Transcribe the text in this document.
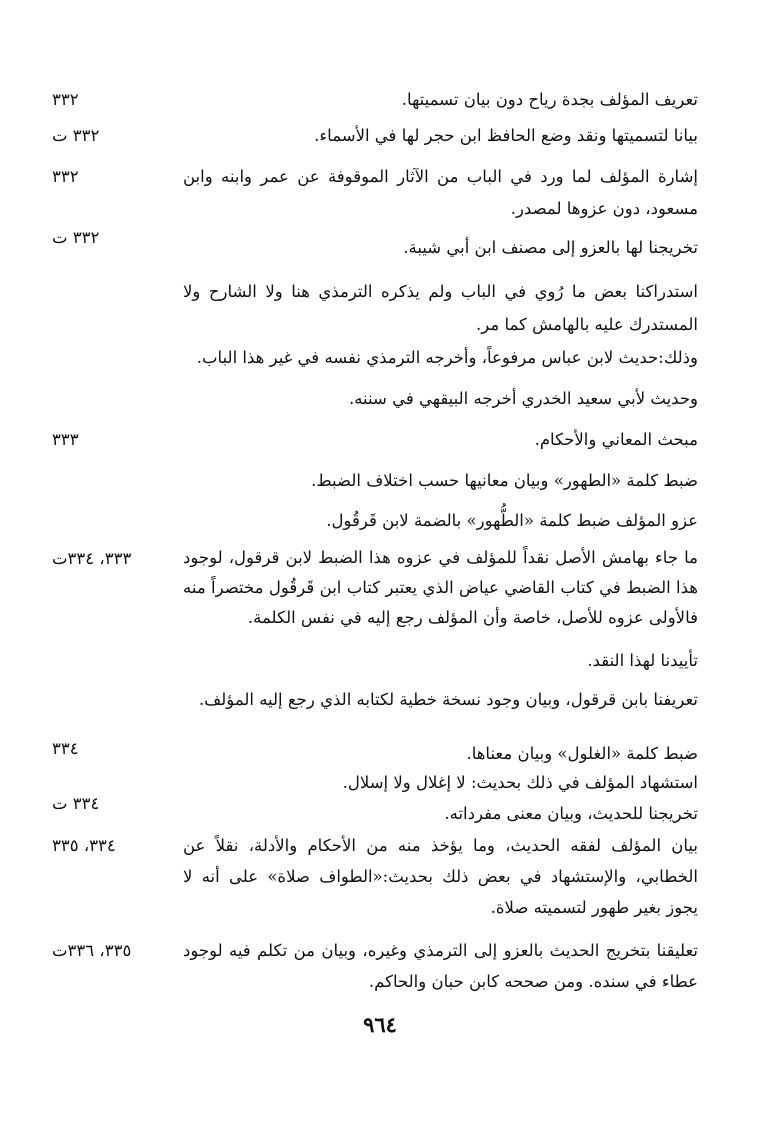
تعريف المؤلف بجدة رياح دون بيان تسميتها.
٣٣٢
بيانا لتسميتها ونقد وضع الحافظ ابن حجر لها في الأسماء.
٣٣٢ ت
إشارة المؤلف لما ورد في الباب من الآثار الموقوفة عن عمر وابنه وابن مسعود، دون عزوها لمصدر.
٣٣٢
تخريجنا لها بالعزو إلى مصنف ابن أبي شيبة.
٣٣٢ ت
استدراكنا بعض ما رُوي في الباب ولم يذكره الترمذي هنا ولا الشارح ولا المستدرك عليه بالهامش كما مر.
وذلك:حديث لابن عباس مرفوعاً، وأخرجه الترمذي نفسه في غير هذا الباب.
وحديث لأبي سعيد الخدري أخرجه البيقهي في سننه.
مبحث المعاني والأحكام.
٣٣٣
ضبط كلمة «الطهور» وبيان معانيها حسب اختلاف الضبط.
عزو المؤلف ضبط كلمة «الطُّهور» بالضمة لابن قَرقُول.
ما جاء بهامش الأصل نقداً للمؤلف في عزوه هذا الضبط لابن قرقول، لوجود هذا الضبط في كتاب القاضي عياض الذي يعتبر كتاب ابن قَرقُول مختصراً منه فالأولى عزوه للأصل، خاصة وأن المؤلف رجع إليه في نفس الكلمة.
٣٣٣، ٣٣٤ت
تأييدنا لهذا النقد.
تعريفنا بابن قرقول، وبيان وجود نسخة خطية لكتابه الذي رجع إليه المؤلف.
ضبط كلمة «الغلول» وبيان معناها.
٣٣٤
استشهاد المؤلف في ذلك بحديث: لا إغلال ولا إسلال.
تخريجنا للحديث، وبيان معنى مفرداته.
٣٣٤ ت
بيان المؤلف لفقه الحديث، وما يؤخذ منه من الأحكام والأدلة، نقلاً عن الخطابي، والإستشهاد في بعض ذلك بحديث:«الطواف صلاة» على أنه لا يجوز بغير طهور لتسميته صلاة.
٣٣٤، ٣٣٥
تعليقنا بتخريج الحديث بالعزو إلى الترمذي وغيره، وبيان من تكلم فيه لوجود عطاء في سنده. ومن صححه كابن حبان والحاكم.
٣٣٥، ٣٣٦ت
٩٦٤
